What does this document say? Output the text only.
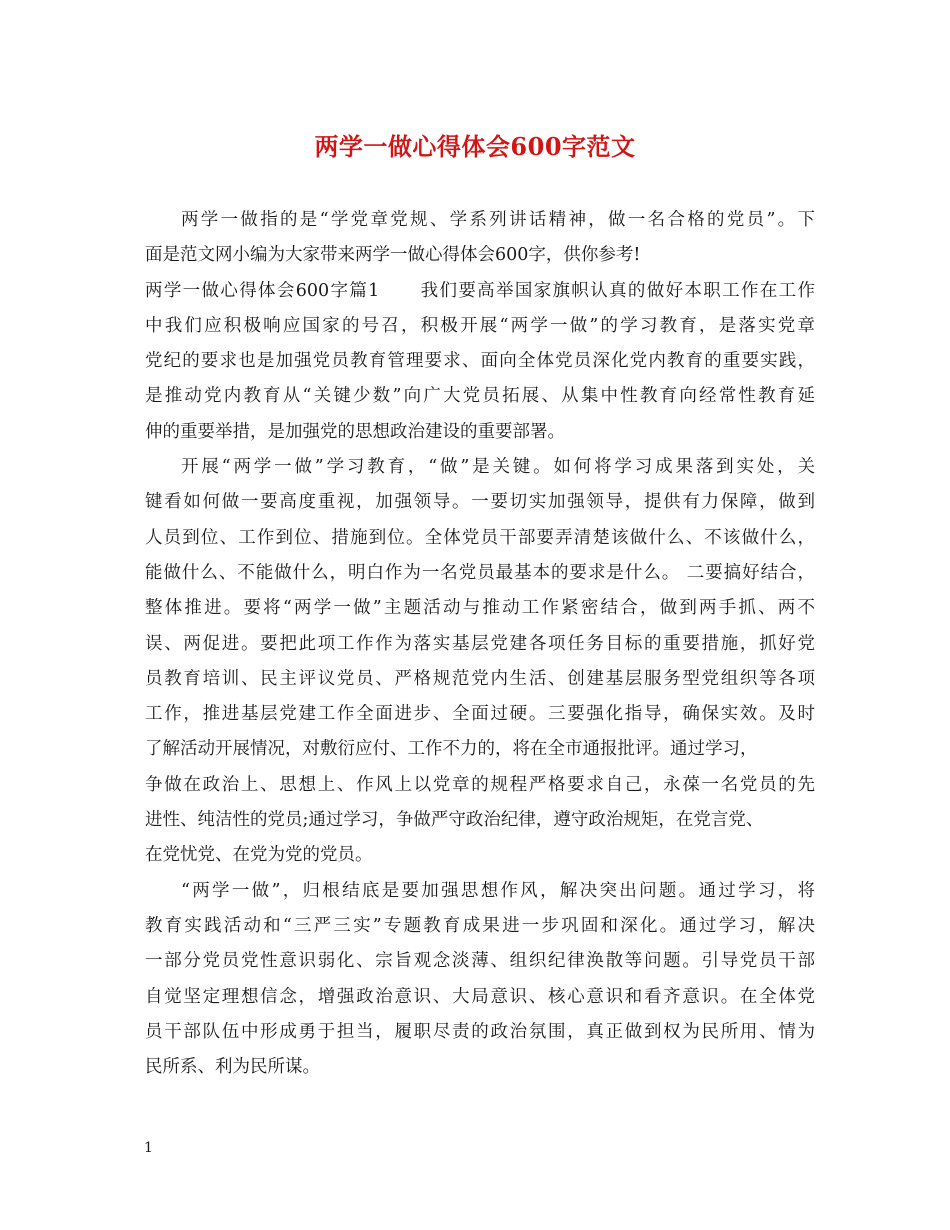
两学一做心得体会600字范文
两学一做指的是“学党章党规、学系列讲话精神，做一名合格的党员”。下
面是范文网小编为大家带来两学一做心得体会600字，供你参考!
两学一做心得体会600字篇1 我们要高举国家旗帜认真的做好本职工作在工作
中我们应积极响应国家的号召，积极开展“两学一做”的学习教育，是落实党章
党纪的要求也是加强党员教育管理要求、面向全体党员深化党内教育的重要实践，
是推动党内教育从“关键少数”向广大党员拓展、从集中性教育向经常性教育延
伸的重要举措，是加强党的思想政治建设的重要部署。
开展“两学一做”学习教育，“做”是关键。如何将学习成果落到实处，关
键看如何做一要高度重视，加强领导。一要切实加强领导，提供有力保障，做到
人员到位、工作到位、措施到位。全体党员干部要弄清楚该做什么、不该做什么，
能做什么、不能做什么，明白作为一名党员最基本的要求是什么。 二要搞好结合，
整体推进。要将“两学一做”主题活动与推动工作紧密结合，做到两手抓、两不
误、两促进。要把此项工作作为落实基层党建各项任务目标的重要措施，抓好党
员教育培训、民主评议党员、严格规范党内生活、创建基层服务型党组织等各项
工作，推进基层党建工作全面进步、全面过硬。三要强化指导，确保实效。及时
了解活动开展情况，对敷衍应付、工作不力的，将在全市通报批评。通过学习，
争做在政治上、思想上、作风上以党章的规程严格要求自己，永葆一名党员的先
进性、纯洁性的党员;通过学习，争做严守政治纪律，遵守政治规矩，在党言党、
在党忧党、在党为党的党员。
“两学一做”，归根结底是要加强思想作风，解决突出问题。通过学习，将
教育实践活动和“三严三实”专题教育成果进一步巩固和深化。通过学习，解决
一部分党员党性意识弱化、宗旨观念淡薄、组织纪律涣散等问题。引导党员干部
自觉坚定理想信念，增强政治意识、大局意识、核心意识和看齐意识。在全体党
员干部队伍中形成勇于担当，履职尽责的政治氛围，真正做到权为民所用、情为
民所系、利为民所谋。
1
